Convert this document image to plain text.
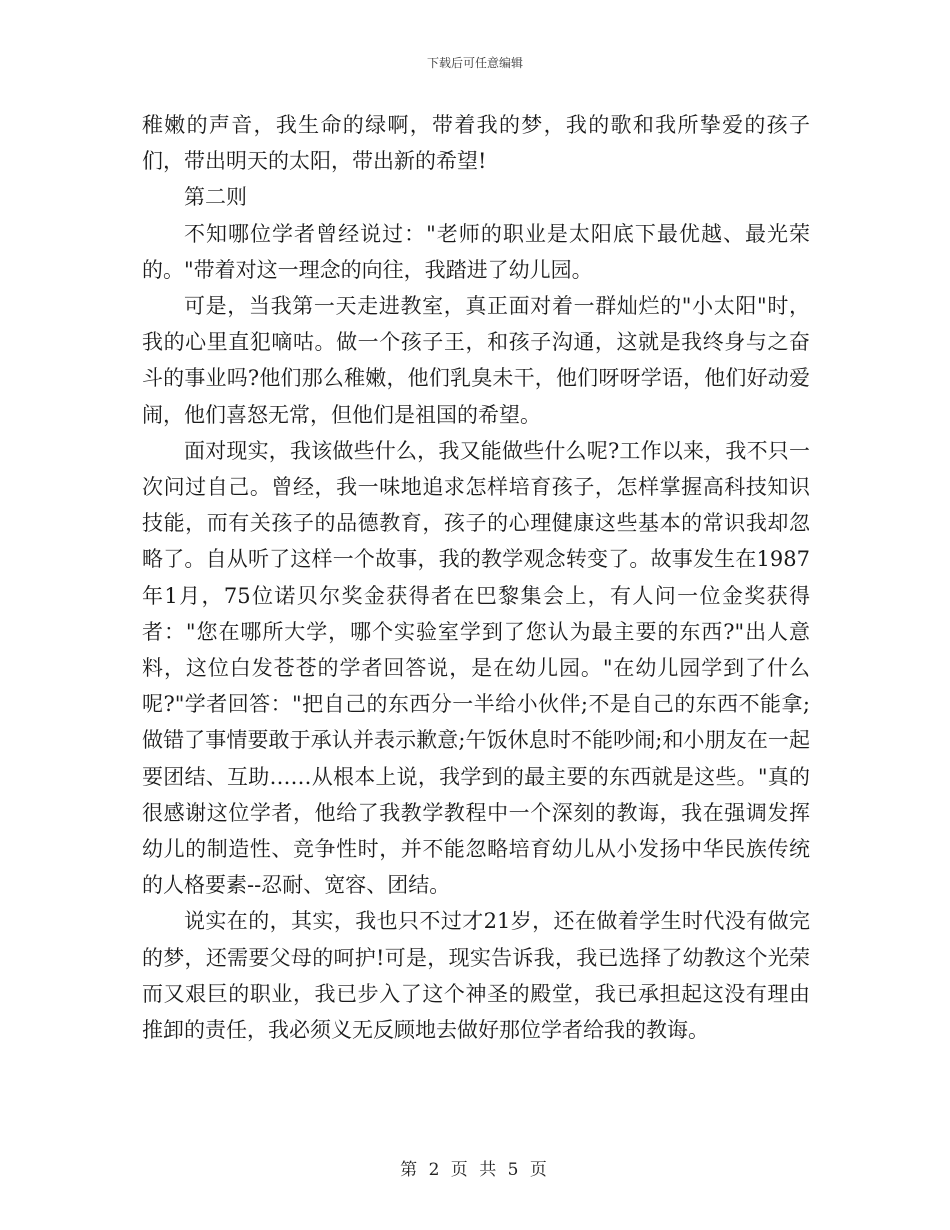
下载后可任意编辑

稚嫩的声音，我生命的绿啊，带着我的梦，我的歌和我所挚爱的孩子们，带出明天的太阳，带出新的希望!

第二则

不知哪位学者曾经说过："老师的职业是太阳底下最优越、最光荣的。"带着对这一理念的向往，我踏进了幼儿园。

可是，当我第一天走进教室，真正面对着一群灿烂的"小太阳"时，我的心里直犯嘀咕。做一个孩子王，和孩子沟通，这就是我终身与之奋斗的事业吗?他们那么稚嫩，他们乳臭未干，他们呀呀学语，他们好动爱闹，他们喜怒无常，但他们是祖国的希望。

面对现实，我该做些什么，我又能做些什么呢?工作以来，我不只一次问过自己。曾经，我一味地追求怎样培育孩子，怎样掌握高科技知识技能，而有关孩子的品德教育，孩子的心理健康这些基本的常识我却忽略了。自从听了这样一个故事，我的教学观念转变了。故事发生在1987年1月，75位诺贝尔奖金获得者在巴黎集会上，有人问一位金奖获得者："您在哪所大学，哪个实验室学到了您认为最主要的东西?"出人意料，这位白发苍苍的学者回答说，是在幼儿园。"在幼儿园学到了什么呢?"学者回答："把自己的东西分一半给小伙伴;不是自己的东西不能拿;做错了事情要敢于承认并表示歉意;午饭休息时不能吵闹;和小朋友在一起要团结、互助……从根本上说，我学到的最主要的东西就是这些。"真的很感谢这位学者，他给了我教学教程中一个深刻的教诲，我在强调发挥幼儿的制造性、竞争性时，并不能忽略培育幼儿从小发扬中华民族传统的人格要素--忍耐、宽容、团结。

说实在的，其实，我也只不过才21岁，还在做着学生时代没有做完的梦，还需要父母的呵护!可是，现实告诉我，我已选择了幼教这个光荣而又艰巨的职业，我已步入了这个神圣的殿堂，我已承担起这没有理由推卸的责任，我必须义无反顾地去做好那位学者给我的教诲。

第 2 页 共 5 页
